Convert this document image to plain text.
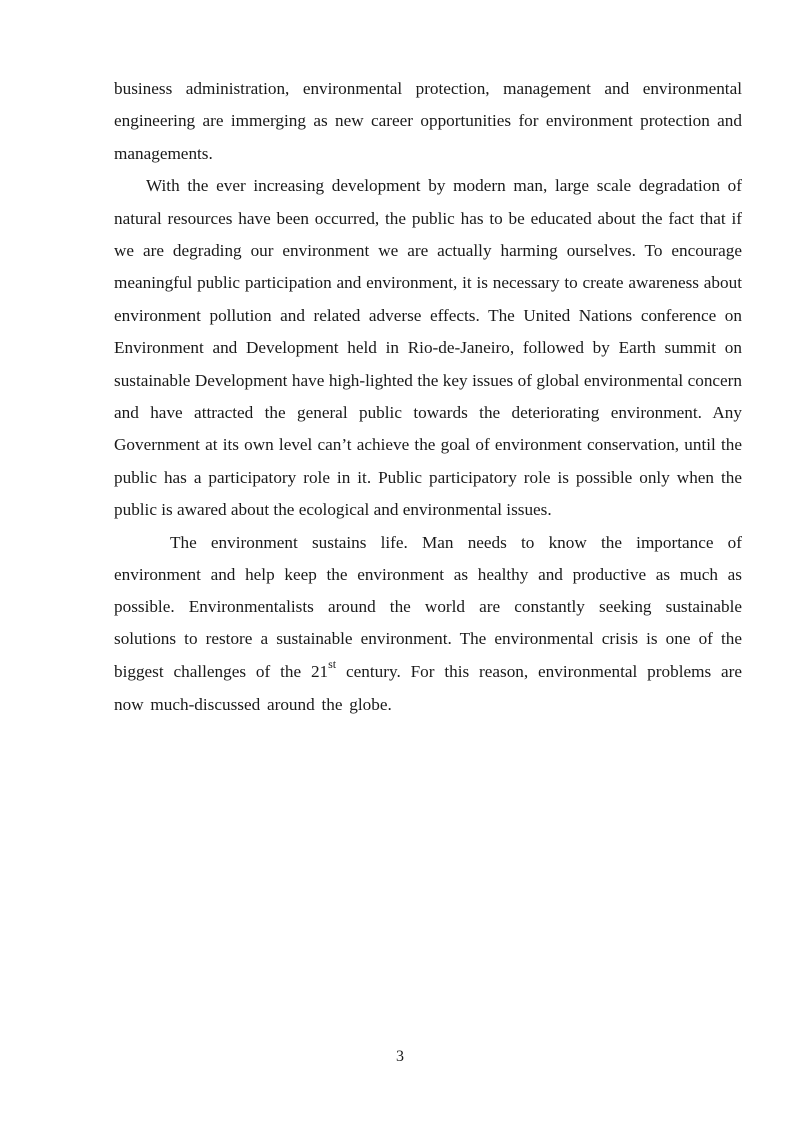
business administration, environmental protection, management and environmental engineering are immerging as new career opportunities for environment protection and managements.

With the ever increasing development by modern man, large scale degradation of natural resources have been occurred, the public has to be educated about the fact that if we are degrading our environment we are actually harming ourselves. To encourage meaningful public participation and environment, it is necessary to create awareness about environment pollution and related adverse effects. The United Nations conference on Environment and Development held in Rio-de-Janeiro, followed by Earth summit on sustainable Development have high-lighted the key issues of global environmental concern and have attracted the general public towards the deteriorating environment. Any Government at its own level can’t achieve the goal of environment conservation, until the public has a participatory role in it. Public participatory role is possible only when the public is awared about the ecological and environmental issues.

The environment sustains life. Man needs to know the importance of environment and help keep the environment as healthy and productive as much as possible. Environmentalists around the world are constantly seeking sustainable solutions to restore a sustainable environment. The environmental crisis is one of the biggest challenges of the 21st century. For this reason, environmental problems are now much-discussed around the globe.

3
